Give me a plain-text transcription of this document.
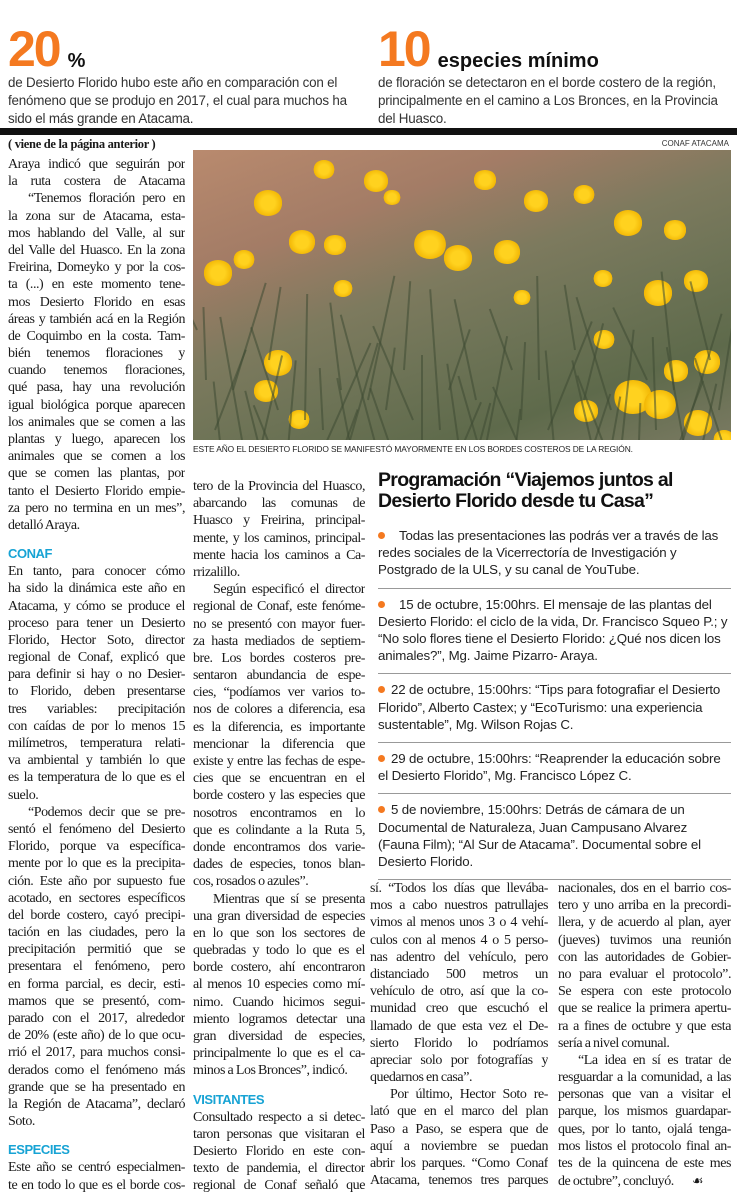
20 %
de Desierto Florido hubo este año en comparación con el fenómeno que se produjo en 2017, el cual para muchos ha sido el más grande en Atacama.
10 especies mínimo
de floración se detectaron en el borde costero de la región, principalmente en el camino a Los Bronces, en la Provincia del Huasco.
( viene de la página anterior )	CONAF ATACAMA
ESTE AÑO EL DESIERTO FLORIDO SE MANIFESTÓ MAYORMENTE EN LOS BORDES COSTEROS DE LA REGIÓN.
Araya indicó que seguirán por
la ruta costera de Atacama
“Tenemos floración pero en
la zona sur de Atacama, esta-
mos hablando del Valle, al sur
del Valle del Huasco. En la zona
Freirina, Domeyko y por la cos-
ta (...) en este momento tene-
mos Desierto Florido en esas
áreas y también acá en la Región
de Coquimbo en la costa. Tam-
bién tenemos floraciones y
cuando tenemos floraciones,
qué pasa, hay una revolución
igual biológica porque aparecen
los animales que se comen a las
plantas y luego, aparecen los
animales que se comen a los
que se comen las plantas, por
tanto el Desierto Florido empie-
za pero no termina en un mes”,
detalló Araya.
CONAF
En tanto, para conocer cómo
ha sido la dinámica este año en
Atacama, y cómo se produce el
proceso para tener un Desierto
Florido, Hector Soto, director
regional de Conaf, explicó que
para definir si hay o no Desier-
to Florido, deben presentarse
tres variables: precipitación
con caídas de por lo menos 15
milímetros, temperatura relati-
va ambiental y también lo que
es la temperatura de lo que es el
suelo.
“Podemos decir que se pre-
sentó el fenómeno del Desierto
Florido, porque va específica-
mente por lo que es la precipita-
ción. Este año por supuesto fue
acotado, en sectores específicos
del borde costero, cayó precipi-
tación en las ciudades, pero la
precipitación permitió que se
presentara el fenómeno, pero
en forma parcial, es decir, esti-
mamos que se presentó, com-
parado con el 2017, alrededor
de 20% (este año) de lo que ocu-
rrió el 2017, para muchos consi-
derados como el fenómeno más
grande que se ha presentado en
la Región de Atacama”, declaró
Soto.
ESPECIES
Este año se centró especialmen-
te en todo lo que es el borde cos-
tero de la Provincia del Huasco,
abarcando las comunas de
Huasco y Freirina, principal-
mente, y los caminos, principal-
mente hacia los caminos a Ca-
rrizalillo.
Según especificó el director
regional de Conaf, este fenóme-
no se presentó con mayor fuer-
za hasta mediados de septiem-
bre. Los bordes costeros pre-
sentaron abundancia de espe-
cies, “podíamos ver varios to-
nos de colores a diferencia, esa
es la diferencia, es importante
mencionar la diferencia que
existe y entre las fechas de espe-
cies que se encuentran en el
borde costero y las especies que
nosotros encontramos en lo
que es colindante a la Ruta 5,
donde encontramos dos varie-
dades de especies, tonos blan-
cos, rosados o azules”.
Mientras que sí se presenta
una gran diversidad de especies
en lo que son los sectores de
quebradas y todo lo que es el
borde costero, ahí encontraron
al menos 10 especies como mí-
nimo. Cuando hicimos segui-
miento logramos detectar una
gran diversidad de especies,
principalmente lo que es el ca-
minos a Los Bronces”, indicó.
VISITANTES
Consultado respecto a si detec-
taron personas que visitaran el
Desierto Florido en este con-
texto de pandemia, el director
regional de Conaf señaló que
sí. “Todos los días que llevába-
mos a cabo nuestros patrullajes
vimos al menos unos 3 o 4 vehí-
culos con al menos 4 o 5 perso-
nas adentro del vehículo, pero
distanciado 500 metros un
vehículo de otro, así que la co-
munidad creo que escuchó el
llamado de que esta vez el De-
sierto Florido lo podríamos
apreciar solo por fotografías y
quedarnos en casa”.
Por último, Hector Soto re-
lató que en el marco del plan
Paso a Paso, se espera que de
aquí a noviembre se puedan
abrir los parques. “Como Conaf
Atacama, tenemos tres parques
nacionales, dos en el barrio cos-
tero y uno arriba en la precordi-
llera, y de acuerdo al plan, ayer
(jueves) tuvimos una reunión
con las autoridades de Gobier-
no para evaluar el protocolo”.
Se espera con este protocolo
que se realice la primera apertu-
ra a fines de octubre y que esta
sería a nivel comunal.
“La idea en sí es tratar de
resguardar a la comunidad, a las
personas que van a visitar el
parque, los mismos guardapar-
ques, por lo tanto, ojalá tenga-
mos listos el protocolo final an-
tes de la quincena de este mes
de octubre”, concluyó. ☙
Programación “Viajemos juntos al Desierto Florido desde tu Casa”
Todas las presentaciones las podrás ver a través de las redes sociales de la Vicerrectoría de Investigación y Postgrado de la ULS, y su canal de YouTube.
15 de octubre, 15:00hrs. El mensaje de las plantas del Desierto Florido: el ciclo de la vida, Dr. Francisco Squeo P.; y “No solo flores tiene el Desierto Florido: ¿Qué nos dicen los animales?”, Mg. Jaime Pizarro- Araya.
22 de octubre, 15:00hrs: “Tips para fotografiar el Desierto Florido”, Alberto Castex; y “EcoTurismo: una experiencia sustentable”, Mg. Wilson Rojas C.
29 de octubre, 15:00hrs: “Reaprender la educación sobre el Desierto Florido”, Mg. Francisco López C.
5 de noviembre, 15:00hrs: Detrás de cámara de un Documental de Naturaleza, Juan Campusano Alvarez (Fauna Film); “Al Sur de Atacama”. Documental sobre el Desierto Florido.
